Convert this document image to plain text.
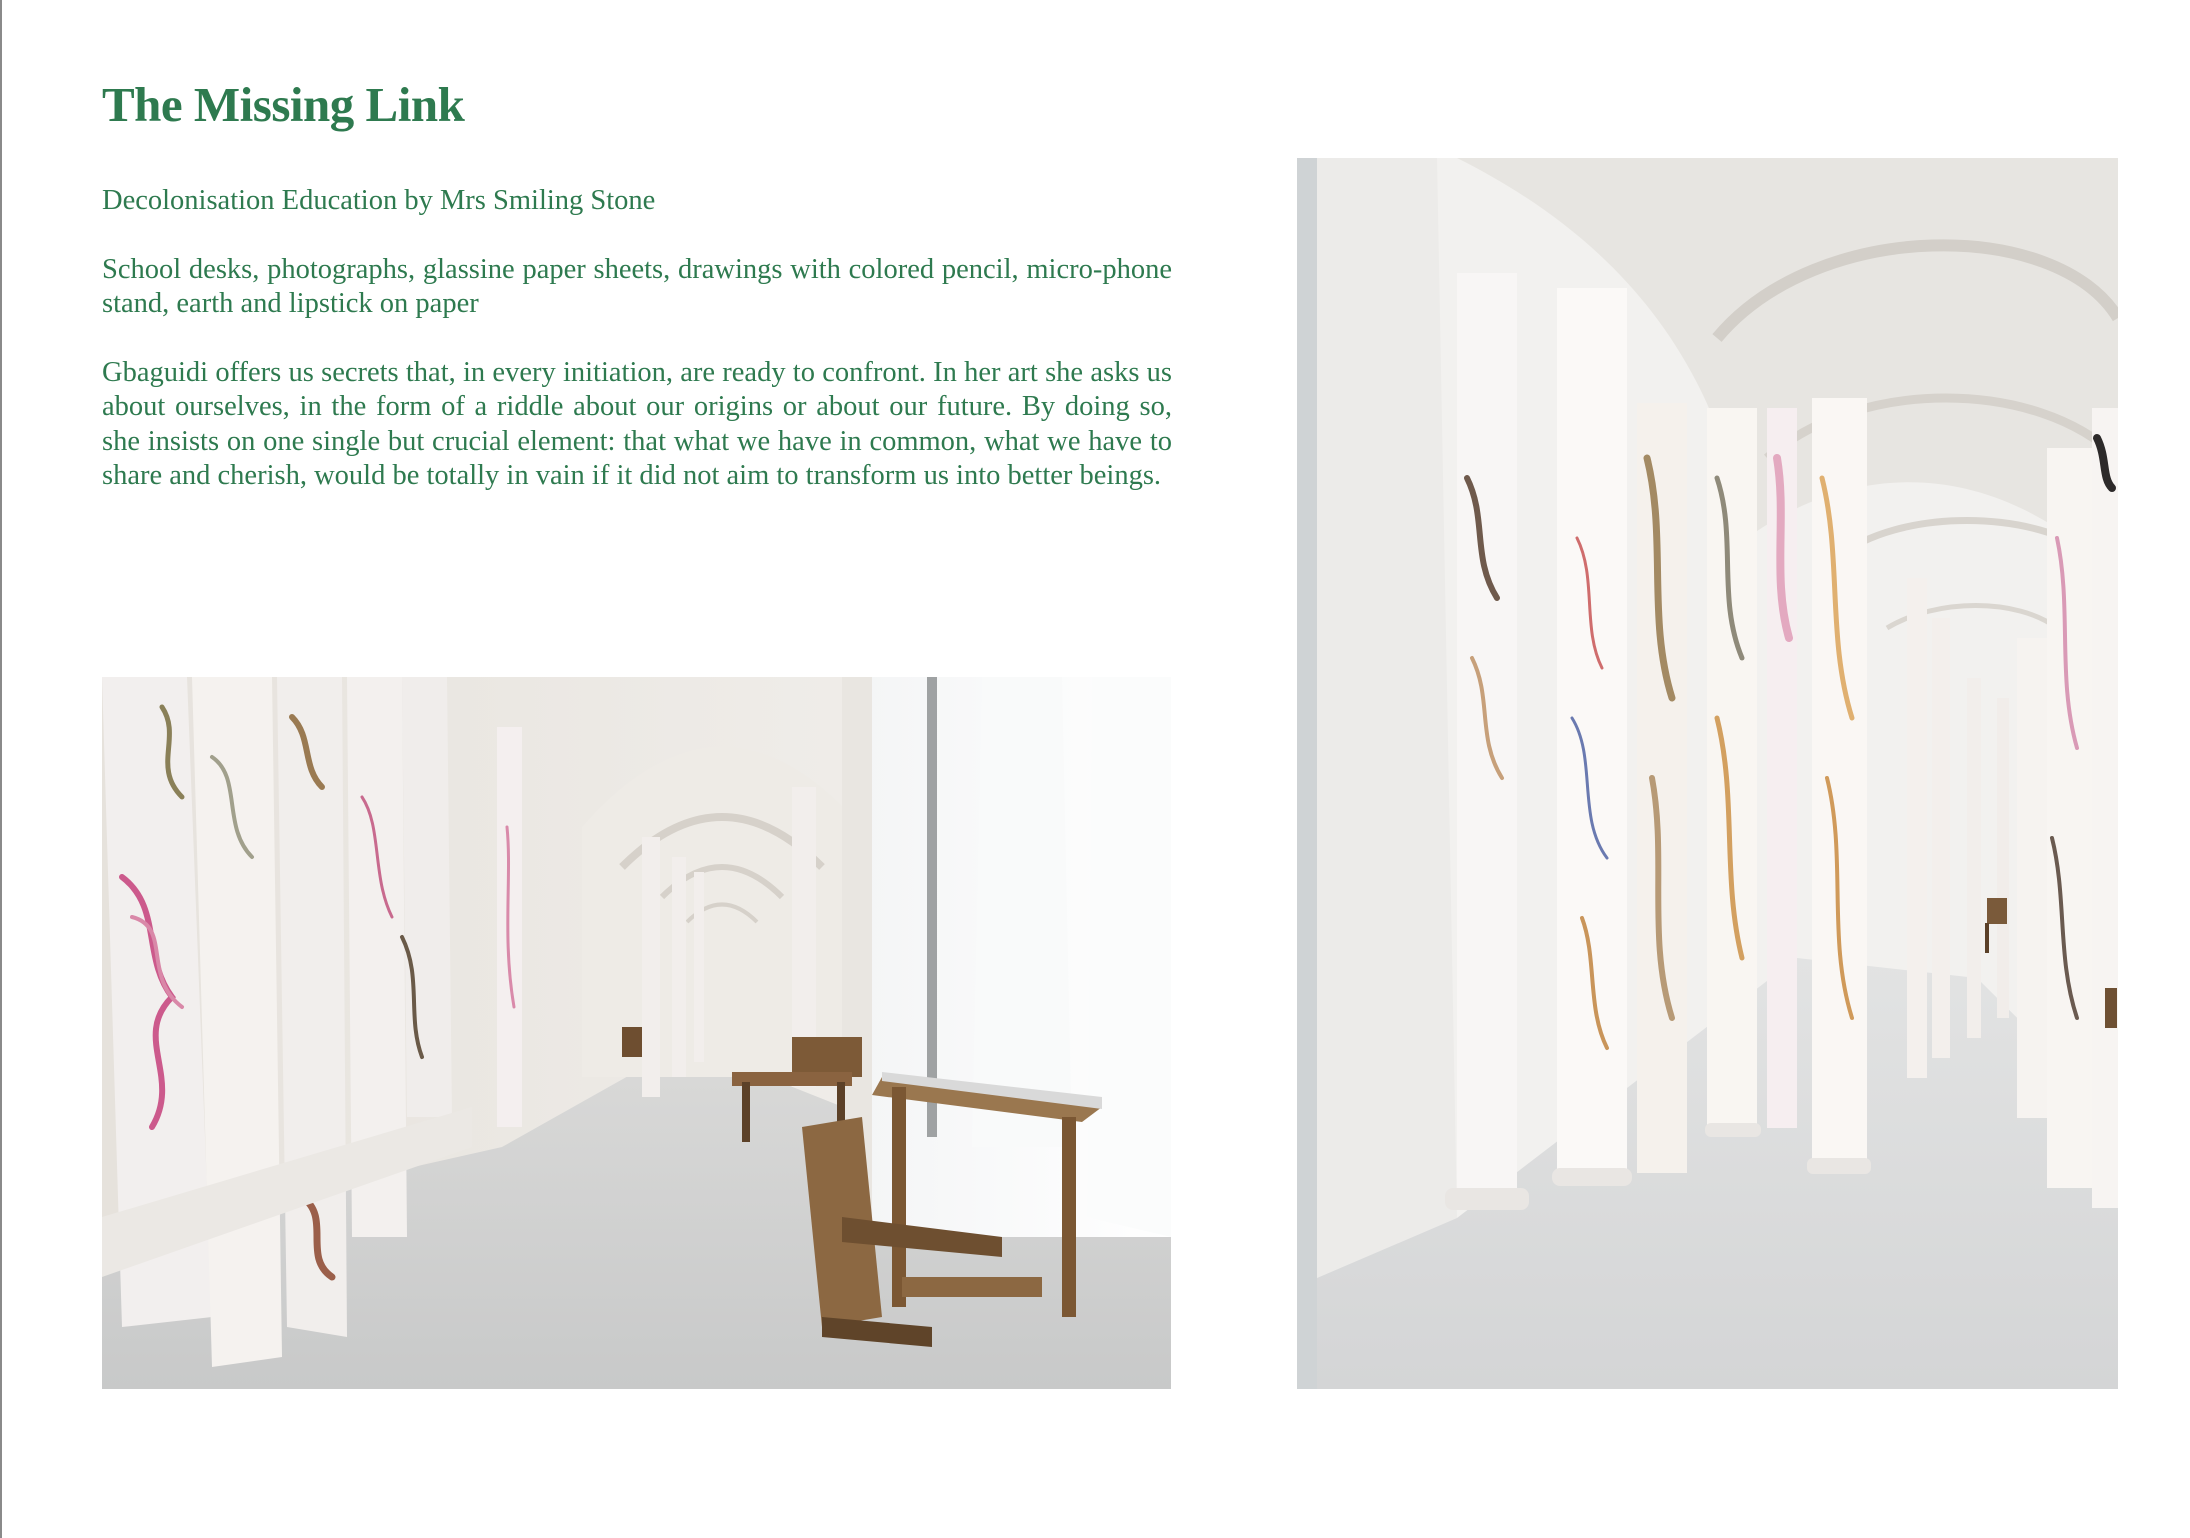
The Missing Link

Decolonisation Education by Mrs Smiling Stone

School desks, photographs, glassine paper sheets, drawings with colored pencil, micro-phone stand, earth and lipstick on paper

Gbaguidi offers us secrets that, in every initiation, are ready to confront. In her art she asks us about ourselves, in the form of a riddle about our origins or about our future. By doing so, she insists on one single but crucial element: that what we have in common, what we have to share and cherish, would be totally in vain if it did not aim to transform us into better beings.
